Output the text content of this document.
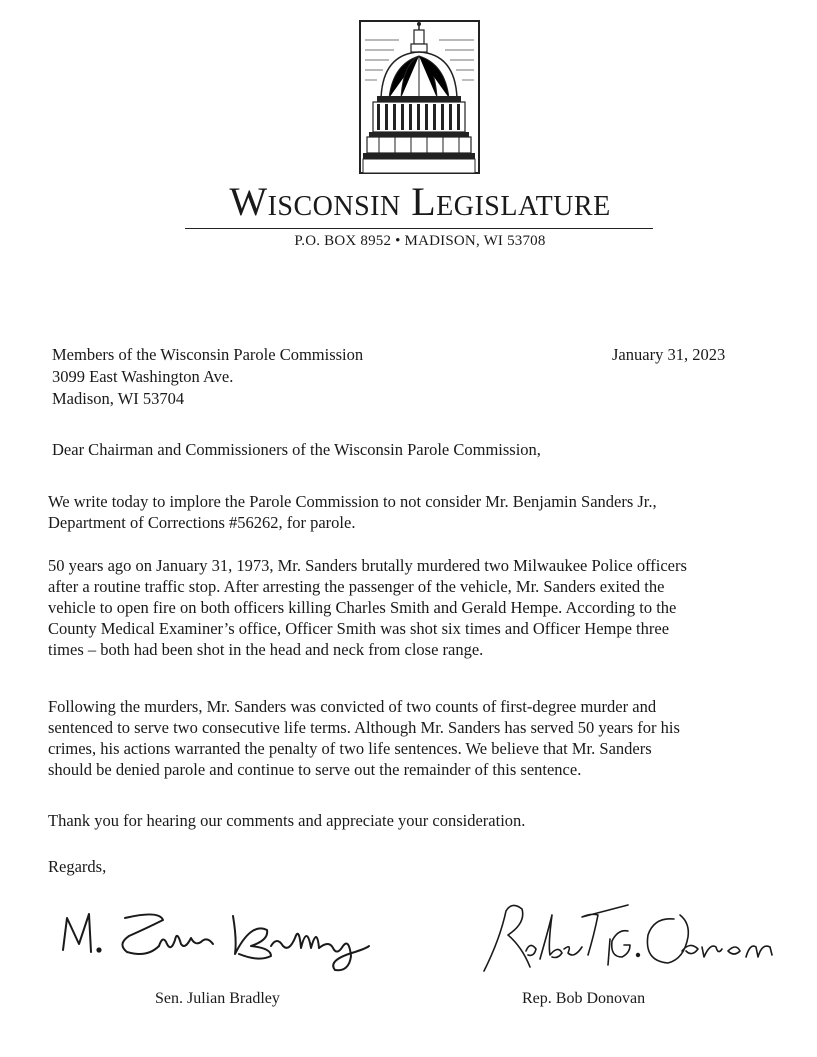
Wisconsin Legislature
P.O. BOX 8952 • MADISON, WI 53708
Members of the Wisconsin Parole Commission
3099 East Washington Ave.
Madison, WI 53704
January 31, 2023
Dear Chairman and Commissioners of the Wisconsin Parole Commission,
We write today to implore the Parole Commission to not consider Mr. Benjamin Sanders Jr.,
Department of Corrections #56262, for parole.
50 years ago on January 31, 1973, Mr. Sanders brutally murdered two Milwaukee Police officers
after a routine traffic stop. After arresting the passenger of the vehicle, Mr. Sanders exited the
vehicle to open fire on both officers killing Charles Smith and Gerald Hempe. According to the
County Medical Examiner’s office, Officer Smith was shot six times and Officer Hempe three
times – both had been shot in the head and neck from close range.
Following the murders, Mr. Sanders was convicted of two counts of first-degree murder and
sentenced to serve two consecutive life terms. Although Mr. Sanders has served 50 years for his
crimes, his actions warranted the penalty of two life sentences. We believe that Mr. Sanders
should be denied parole and continue to serve out the remainder of this sentence.
Thank you for hearing our comments and appreciate your consideration.
Regards,
Sen. Julian Bradley	Rep. Bob Donovan
